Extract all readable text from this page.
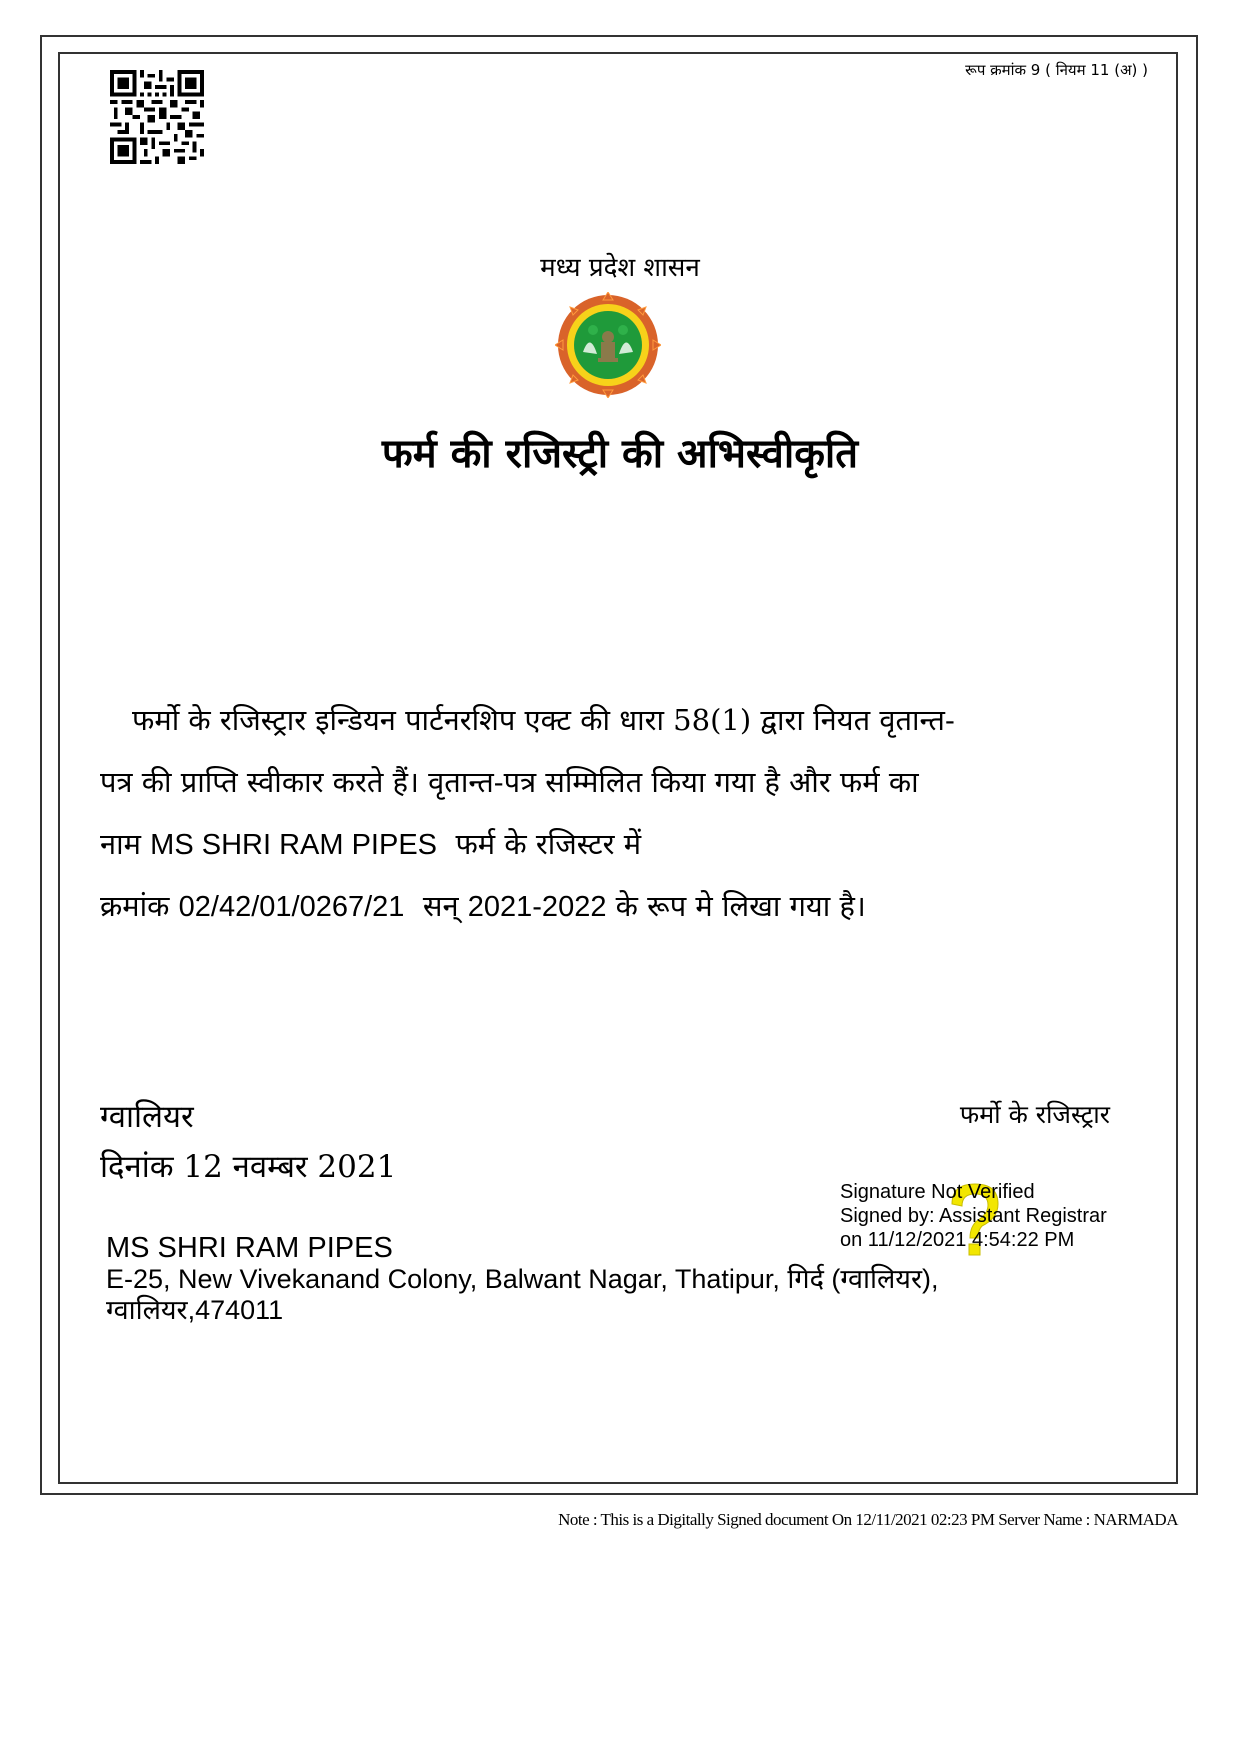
रूप क्रमांक 9 ( नियम 11 (अ) )
मध्य प्रदेश शासन
फर्म की रजिस्ट्री की अभिस्वीकृति
फर्मो के रजिस्ट्रार इन्डियन पार्टनरशिप एक्ट की धारा 58(1) द्वारा नियत वृतान्त-
पत्र की प्राप्ति स्वीकार करते हैं। वृतान्त-पत्र सम्मिलित किया गया है और फर्म का
नाम MS SHRI RAM PIPES फर्म के रजिस्टर में
क्रमांक 02/42/01/0267/21 सन् 2021-2022 के रूप मे लिखा गया है।
ग्वालियर
दिनांक 12 नवम्बर 2021
फर्मो के रजिस्ट्रार
Signature Not Verified
Signed by: Assistant Registrar
on 11/12/2021 4:54:22 PM
MS SHRI RAM PIPES
E-25, New Vivekanand Colony, Balwant Nagar, Thatipur, गिर्द (ग्वालियर),
ग्वालियर,474011
Note : This is a Digitally Signed document On 12/11/2021 02:23 PM Server Name : NARMADA
